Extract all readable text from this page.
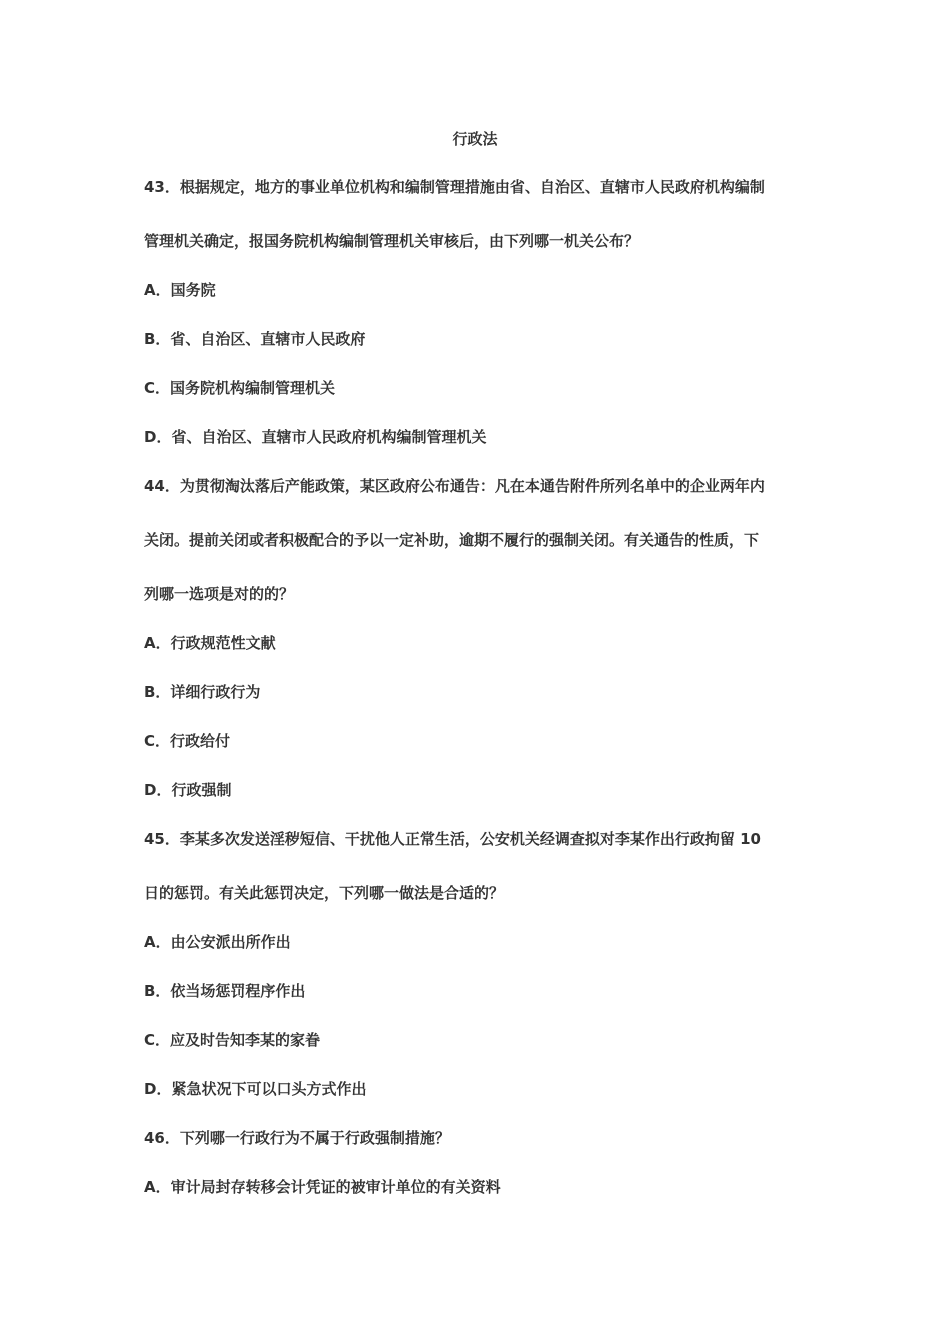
行政法
43．根据规定，地方的事业单位机构和编制管理措施由省、自治区、直辖市人民政府机构编制
管理机关确定，报国务院机构编制管理机关审核后，由下列哪一机关公布？
A．国务院
B．省、自治区、直辖市人民政府
C．国务院机构编制管理机关
D．省、自治区、直辖市人民政府机构编制管理机关
44．为贯彻淘汰落后产能政策，某区政府公布通告：凡在本通告附件所列名单中的企业两年内
关闭。提前关闭或者积极配合的予以一定补助，逾期不履行的强制关闭。有关通告的性质，下
列哪一选项是对的的？
A．行政规范性文献
B．详细行政行为
C．行政给付
D．行政强制
45．李某多次发送淫秽短信、干扰他人正常生活，公安机关经调查拟对李某作出行政拘留 10
日的惩罚。有关此惩罚决定，下列哪一做法是合适的？
A．由公安派出所作出
B．依当场惩罚程序作出
C．应及时告知李某的家眷
D．紧急状况下可以口头方式作出
46．下列哪一行政行为不属于行政强制措施？
A．审计局封存转移会计凭证的被审计单位的有关资料
